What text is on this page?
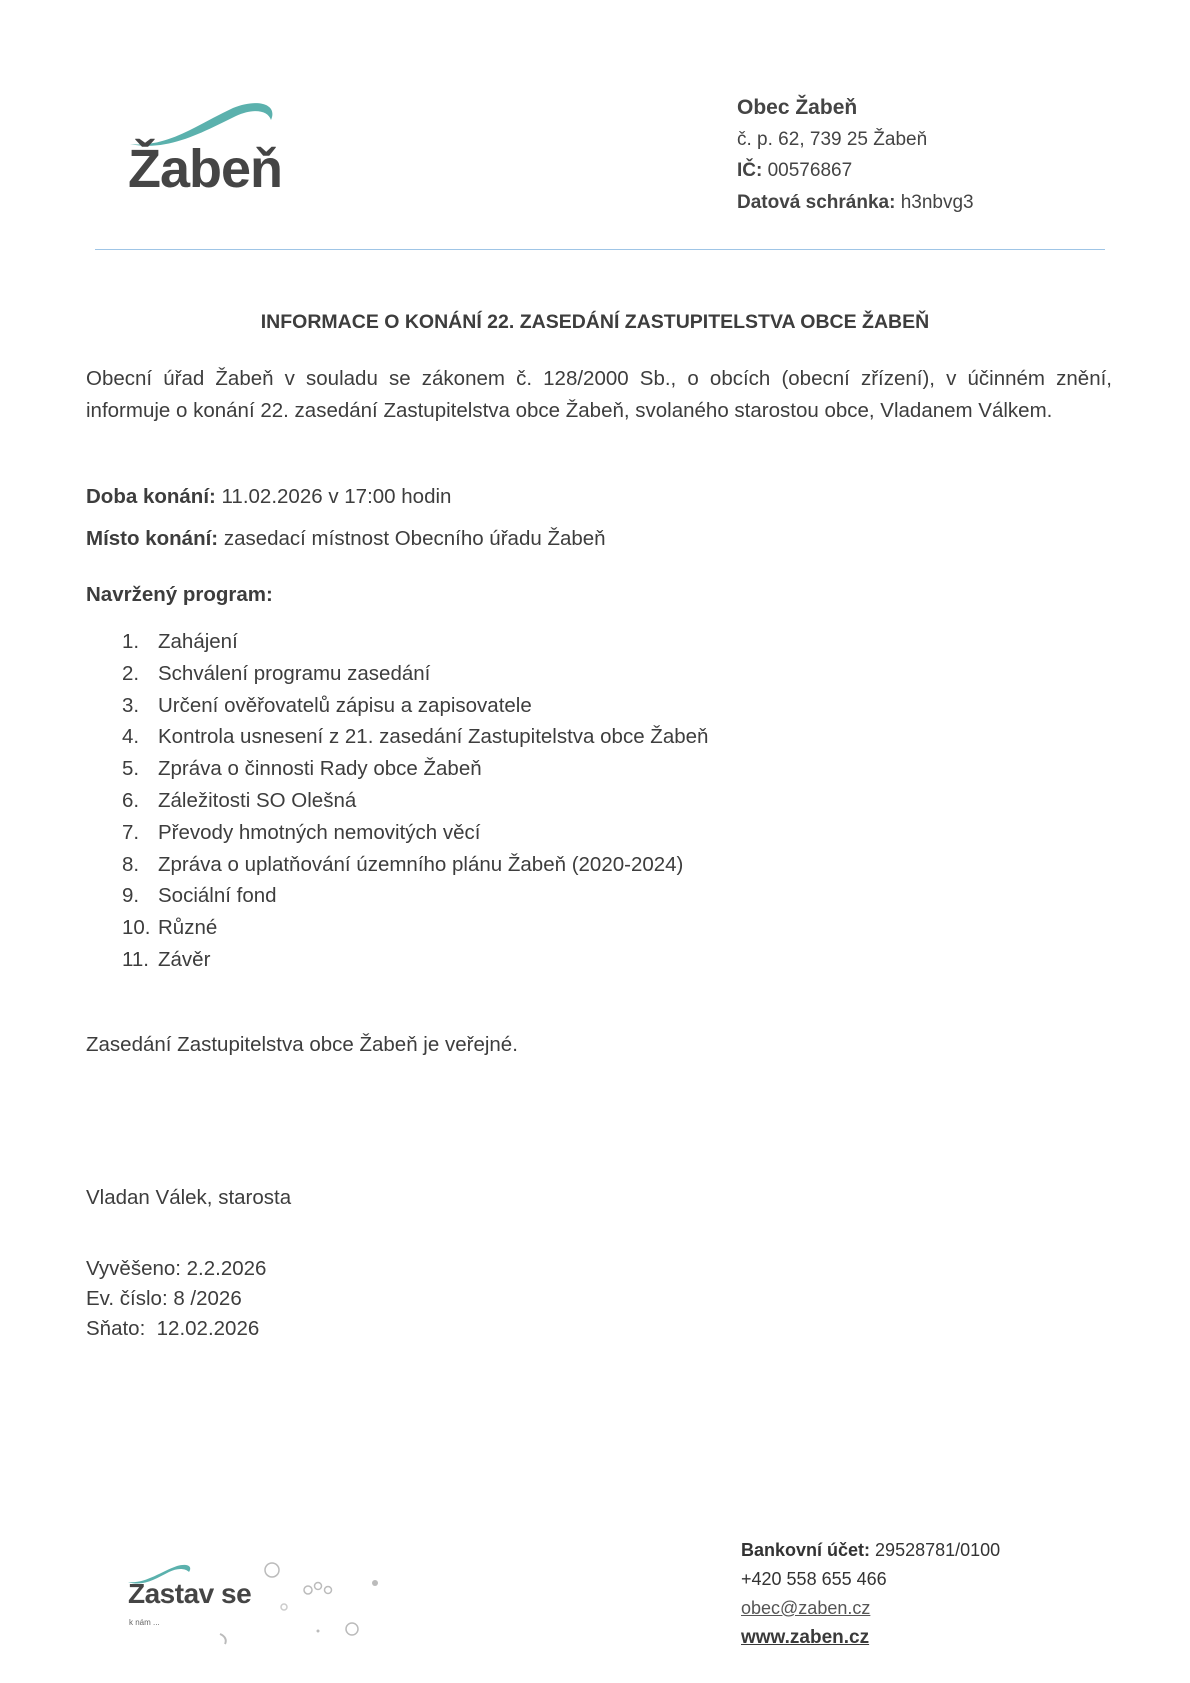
Žabeň
Obec Žabeň
č. p. 62, 739 25 Žabeň
IČ: 00576867
Datová schránka: h3nbvg3
INFORMACE O KONÁNÍ 22. ZASEDÁNÍ ZASTUPITELSTVA OBCE ŽABEŇ
Obecní úřad Žabeň v souladu se zákonem č. 128/2000 Sb., o obcích (obecní zřízení), v účinném znění,
informuje o konání 22. zasedání Zastupitelstva obce Žabeň, svolaného starostou obce, Vladanem Válkem.
Doba konání: 11.02.2026 v 17:00 hodin
Místo konání: zasedací místnost Obecního úřadu Žabeň
Navržený program:
1. Zahájení
2. Schválení programu zasedání
3. Určení ověřovatelů zápisu a zapisovatele
4. Kontrola usnesení z 21. zasedání Zastupitelstva obce Žabeň
5. Zpráva o činnosti Rady obce Žabeň
6. Záležitosti SO Olešná
7. Převody hmotných nemovitých věcí
8. Zpráva o uplatňování územního plánu Žabeň (2020-2024)
9. Sociální fond
10. Různé
11. Závěr
Zasedání Zastupitelstva obce Žabeň je veřejné.
Vladan Válek, starosta
Vyvěšeno: 2.2.2026
Ev. číslo: 8 /2026
Sňato:  12.02.2026
Zastav se
k nám ...
Bankovní účet: 29528781/0100
+420 558 655 466
obec@zaben.cz
www.zaben.cz
